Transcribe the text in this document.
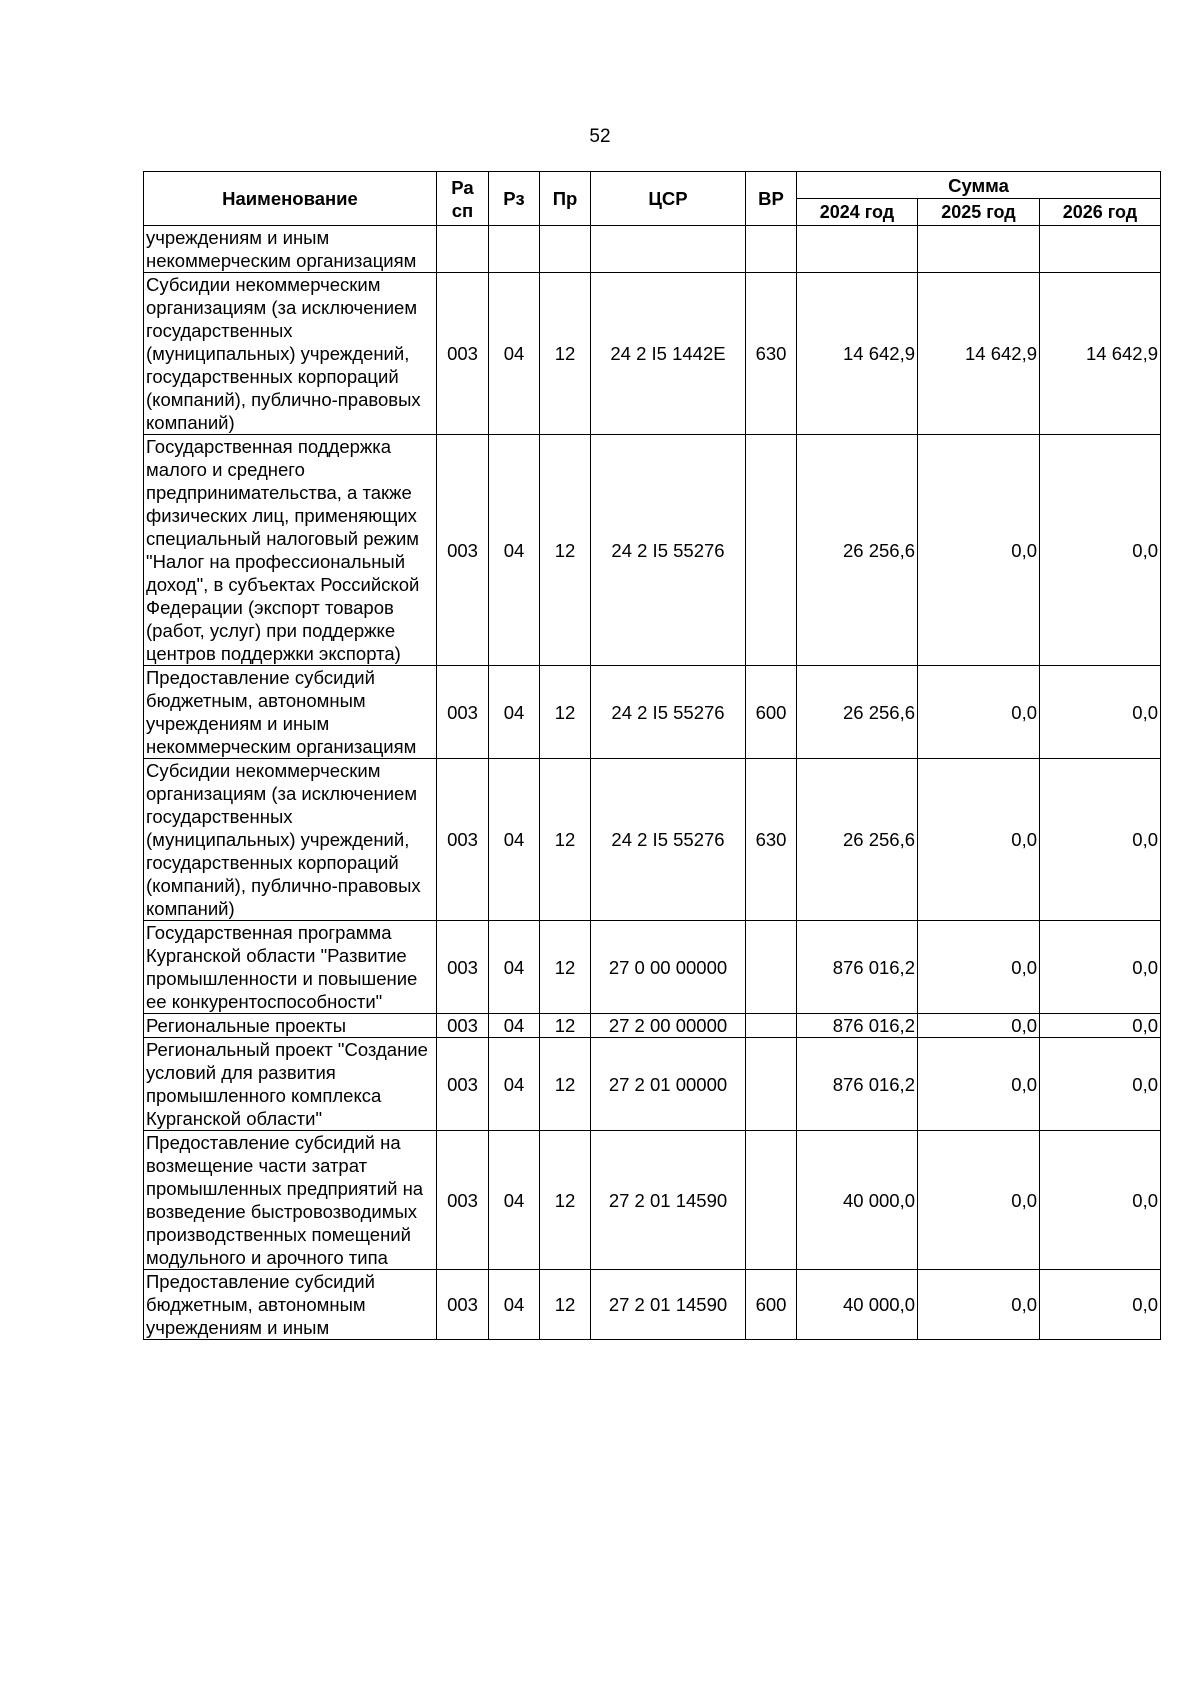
52
Наименование	Ра сп	Рз	Пр	ЦСР	ВР	Сумма		
						2024 год	2025 год	2026 год
учреждениям и иным некоммерческим организациям								
Субсидии некоммерческим организациям (за исключением государственных (муниципальных) учреждений, государственных корпораций (компаний), публично-правовых компаний)	003	04	12	24 2 I5 1442E	630	14 642,9	14 642,9	14 642,9
Государственная поддержка малого и среднего предпринимательства, а также физических лиц, применяющих специальный налоговый режим "Налог на профессиональный доход", в субъектах Российской Федерации (экспорт товаров (работ, услуг) при поддержке центров поддержки экспорта)	003	04	12	24 2 I5 55276		26 256,6	0,0	0,0
Предоставление субсидий бюджетным, автономным учреждениям и иным некоммерческим организациям	003	04	12	24 2 I5 55276	600	26 256,6	0,0	0,0
Субсидии некоммерческим организациям (за исключением государственных (муниципальных) учреждений, государственных корпораций (компаний), публично-правовых компаний)	003	04	12	24 2 I5 55276	630	26 256,6	0,0	0,0
Государственная программа Курганской области "Развитие промышленности и повышение ее конкурентоспособности"	003	04	12	27 0 00 00000		876 016,2	0,0	0,0
Региональные проекты	003	04	12	27 2 00 00000		876 016,2	0,0	0,0
Региональный проект "Создание условий для развития промышленного комплекса Курганской области"	003	04	12	27 2 01 00000		876 016,2	0,0	0,0
Предоставление субсидий на возмещение части затрат промышленных предприятий на возведение быстровозводимых производственных помещений модульного и арочного типа	003	04	12	27 2 01 14590		40 000,0	0,0	0,0
Предоставление субсидий бюджетным, автономным учреждениям и иным	003	04	12	27 2 01 14590	600	40 000,0	0,0	0,0
